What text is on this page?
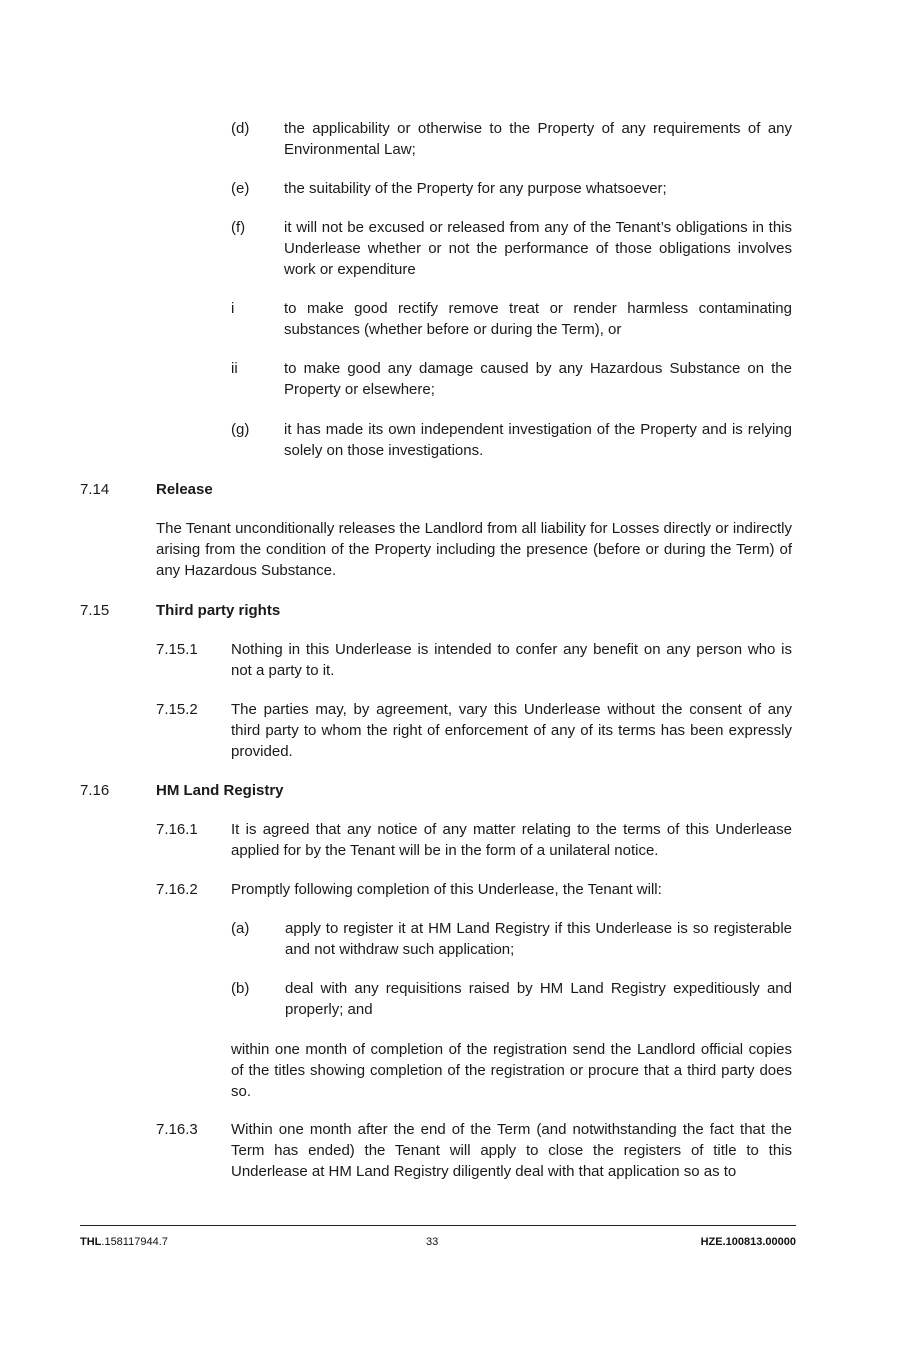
(d) the applicability or otherwise to the Property of any requirements of any Environmental Law;
(e) the suitability of the Property for any purpose whatsoever;
(f)	it will not be excused or released from any of the Tenant’s obligations in this Underlease whether or not the performance of those obligations involves work or expenditure
i	to make good rectify remove treat or render harmless contaminating substances (whether before or during the Term), or
ii	to make good any damage caused by any Hazardous Substance on the Property or elsewhere;
(g) it has made its own independent investigation of the Property and is relying solely on those investigations.
7.14	Release
The Tenant unconditionally releases the Landlord from all liability for Losses directly or indirectly arising from the condition of the Property including the presence (before or during the Term) of any Hazardous Substance.
7.15	Third party rights
7.15.1 Nothing in this Underlease is intended to confer any benefit on any person who is not a party to it.
7.15.2 The parties may, by agreement, vary this Underlease without the consent of any third party to whom the right of enforcement of any of its terms has been expressly provided.
7.16	HM Land Registry
7.16.1 It is agreed that any notice of any matter relating to the terms of this Underlease applied for by the Tenant will be in the form of a unilateral notice.
7.16.2 Promptly following completion of this Underlease, the Tenant will:
(a) apply to register it at HM Land Registry if this Underlease is so registerable and not withdraw such application;
(b) deal with any requisitions raised by HM Land Registry expeditiously and properly; and
within one month of completion of the registration send the Landlord official copies of the titles showing completion of the registration or procure that a third party does so.
7.16.3 Within one month after the end of the Term (and notwithstanding the fact that the Term has ended) the Tenant will apply to close the registers of title to this Underlease at HM Land Registry diligently deal with that application so as to
THL.158117944.7	33	HZE.100813.00000
